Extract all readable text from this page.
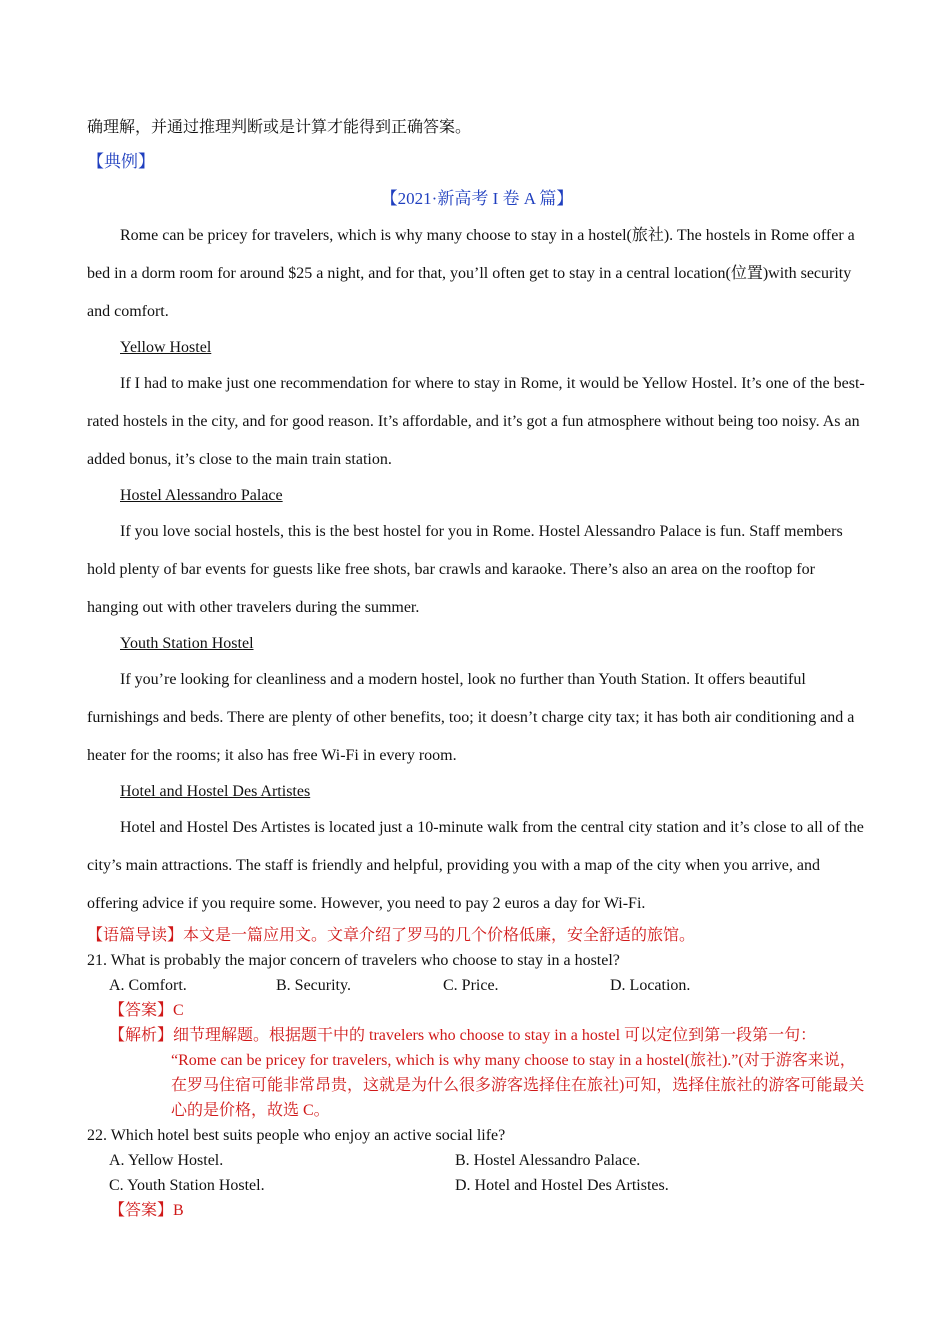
确理解，并通过推理判断或是计算才能得到正确答案。
【典例】
【2021·新高考 I 卷 A 篇】

Rome can be pricey for travelers, which is why many choose to stay in a hostel(旅社). The hostels in Rome offer a bed in a dorm room for around $25 a night, and for that, you’ll often get to stay in a central location(位置)with security and comfort.

Yellow Hostel

If I had to make just one recommendation for where to stay in Rome, it would be Yellow Hostel. It’s one of the best-rated hostels in the city, and for good reason. It’s affordable, and it’s got a fun atmosphere without being too noisy. As an added bonus, it’s close to the main train station.

Hostel Alessandro Palace

If you love social hostels, this is the best hostel for you in Rome. Hostel Alessandro Palace is fun. Staff members hold plenty of bar events for guests like free shots, bar crawls and karaoke. There’s also an area on the rooftop for hanging out with other travelers during the summer.

Youth Station Hostel

If you’re looking for cleanliness and a modern hostel, look no further than Youth Station. It offers beautiful furnishings and beds. There are plenty of other benefits, too; it doesn’t charge city tax; it has both air conditioning and a heater for the rooms; it also has free Wi-Fi in every room.

Hotel and Hostel Des Artistes

Hotel and Hostel Des Artistes is located just a 10-minute walk from the central city station and it’s close to all of the city’s main attractions. The staff is friendly and helpful, providing you with a map of the city when you arrive, and offering advice if you require some. However, you need to pay 2 euros a day for Wi-Fi.

【语篇导读】本文是一篇应用文。文章介绍了罗马的几个价格低廉，安全舒适的旅馆。
21. What is probably the major concern of travelers who choose to stay in a hostel?
A. Comfort.	B. Security.	C. Price.	D. Location.
【答案】C
【解析】细节理解题。根据题干中的 travelers who choose to stay in a hostel 可以定位到第一段第一句：
“Rome can be pricey for travelers, which is why many choose to stay in a hostel(旅社).”(对于游客来说，在罗马住宿可能非常昂贵，这就是为什么很多游客选择住在旅社)可知，选择住旅社的游客可能最关心的是价格，故选 C。
22. Which hotel best suits people who enjoy an active social life?
A. Yellow Hostel.	B. Hostel Alessandro Palace.
C. Youth Station Hostel.	D. Hotel and Hostel Des Artistes.
【答案】B
